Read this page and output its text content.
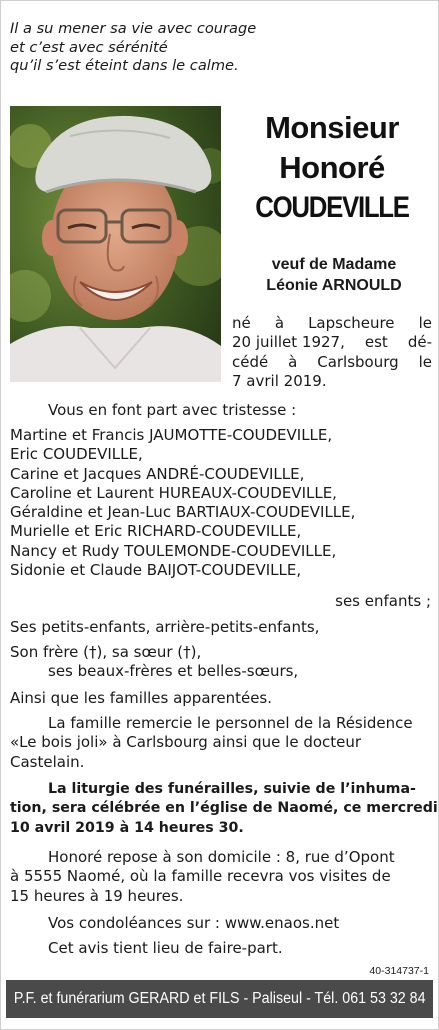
Il a su mener sa vie avec courage
et c’est avec sérénité
qu’il s’est éteint dans le calme.
Monsieur
Honoré
COUDEVILLE
veuf de Madame
Léonie ARNOULD
né à Lapscheure le
20 juillet 1927, est dé-
cédé à Carlsbourg le
7 avril 2019.
Vous en font part avec tristesse :
Martine et Francis JAUMOTTE-COUDEVILLE,
Eric COUDEVILLE,
Carine et Jacques ANDRÉ-COUDEVILLE,
Caroline et Laurent HUREAUX-COUDEVILLE,
Géraldine et Jean-Luc BARTIAUX-COUDEVILLE,
Murielle et Eric RICHARD-COUDEVILLE,
Nancy et Rudy TOULEMONDE-COUDEVILLE,
Sidonie et Claude BAIJOT-COUDEVILLE,
ses enfants ;
Ses petits-enfants, arrière-petits-enfants,
Son frère (†), sa sœur (†),
ses beaux-frères et belles-sœurs,
Ainsi que les familles apparentées.
La famille remercie le personnel de la Résidence
«Le bois joli» à Carlsbourg ainsi que le docteur
Castelain.
La liturgie des funérailles, suivie de l’inhuma-
tion, sera célébrée en l’église de Naomé, ce mercredi
10 avril 2019 à 14 heures 30.
Honoré repose à son domicile : 8, rue d’Opont
à 5555 Naomé, où la famille recevra vos visites de
15 heures à 19 heures.
Vos condoléances sur : www.enaos.net
Cet avis tient lieu de faire-part.
40-314737-1
P.F. et funérarium GERARD et FILS - Paliseul - Tél. 061 53 32 84
